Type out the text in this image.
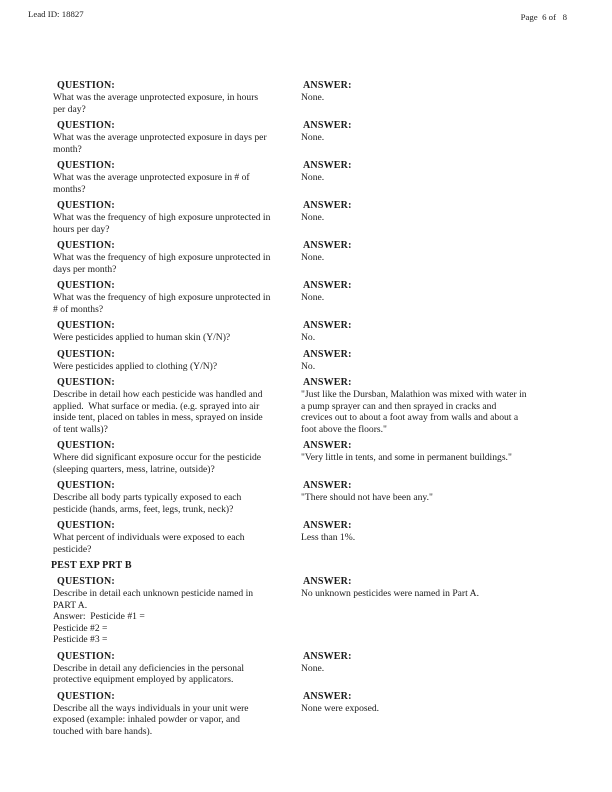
Lead ID: 18827	Page  6 of   8
QUESTION:
What was the average unprotected exposure, in hours
per day?
ANSWER:
None.
QUESTION:
What was the average unprotected exposure in days per
month?
ANSWER:
None.
QUESTION:
What was the average unprotected exposure in # of
months?
ANSWER:
None.
QUESTION:
What was the frequency of high exposure unprotected in
hours per day?
ANSWER:
None.
QUESTION:
What was the frequency of high exposure unprotected in
days per month?
ANSWER:
None.
QUESTION:
What was the frequency of high exposure unprotected in
# of months?
ANSWER:
None.
QUESTION:
Were pesticides applied to human skin (Y/N)?
ANSWER:
No.
QUESTION:
Were pesticides applied to clothing (Y/N)?
ANSWER:
No.
QUESTION:
Describe in detail how each pesticide was handled and
applied.  What surface or media. (e.g. sprayed into air
inside tent, placed on tables in mess, sprayed on inside
of tent walls)?
ANSWER:
"Just like the Dursban, Malathion was mixed with water in
a pump sprayer can and then sprayed in cracks and
crevices out to about a foot away from walls and about a
foot above the floors."
QUESTION:
Where did significant exposure occur for the pesticide
(sleeping quarters, mess, latrine, outside)?
ANSWER:
"Very little in tents, and some in permanent buildings."
QUESTION:
Describe all body parts typically exposed to each
pesticide (hands, arms, feet, legs, trunk, neck)?
ANSWER:
"There should not have been any."
QUESTION:
What percent of individuals were exposed to each
pesticide?
ANSWER:
Less than 1%.
PEST EXP PRT B
QUESTION:
Describe in detail each unknown pesticide named in
PART A.
Answer:  Pesticide #1 =
Pesticide #2 =
Pesticide #3 =
ANSWER:
No unknown pesticides were named in Part A.
QUESTION:
Describe in detail any deficiencies in the personal
protective equipment employed by applicators.
ANSWER:
None.
QUESTION:
Describe all the ways individuals in your unit were
exposed (example: inhaled powder or vapor, and
touched with bare hands).
ANSWER:
None were exposed.
